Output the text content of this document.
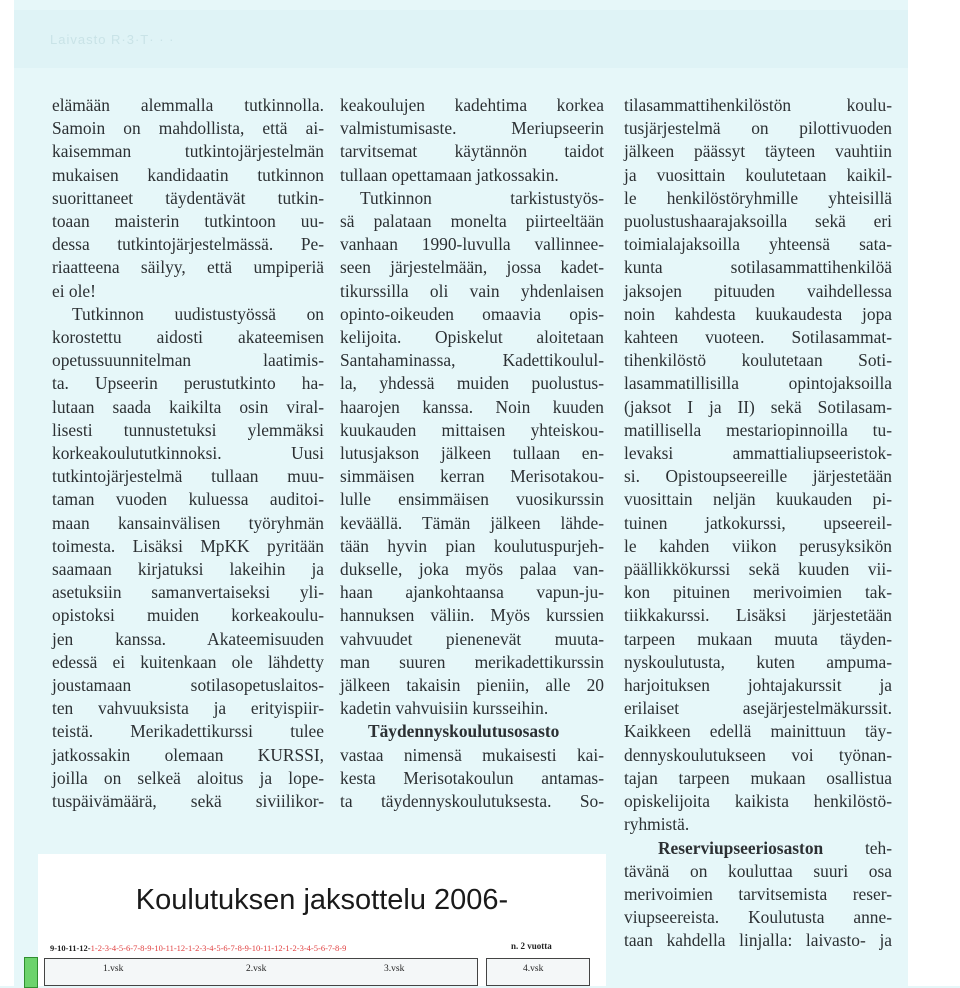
Laivasto R·3·T· · ·
elämään alemmalla tutkinnolla.
Samoin on mahdollista, että ai-
kaisemman tutkintojärjestelmän
mukaisen kandidaatin tutkinnon
suorittaneet täydentävät tutkin-
toaan maisterin tutkintoon uu-
dessa tutkintojärjestelmässä. Pe-
riaatteena säilyy, että umpiperiä
ei ole!
Tutkinnon uudistustyössä on
korostettu aidosti akateemisen
opetussuunnitelman laatimis-
ta. Upseerin perustutkinto ha-
lutaan saada kaikilta osin viral-
lisesti tunnustetuksi ylemmäksi
korkeakoulututkinnoksi. Uusi
tutkintojärjestelmä tullaan muu-
taman vuoden kuluessa auditoi-
maan kansainvälisen työryhmän
toimesta. Lisäksi MpKK pyritään
saamaan kirjatuksi lakeihin ja
asetuksiin samanvertaiseksi yli-
opistoksi muiden korkeakoulu-
jen kanssa. Akateemisuuden
edessä ei kuitenkaan ole lähdetty
joustamaan sotilasopetuslaitos-
ten vahvuuksista ja erityispiir-
teistä. Merikadettikurssi tulee
jatkossakin olemaan KURSSI,
joilla on selkeä aloitus ja lope-
tuspäivämäärä, sekä siviilikor-
keakoulujen kadehtima korkea
valmistumisaste. Meriupseerin
tarvitsemat käytännön taidot
tullaan opettamaan jatkossakin.
Tutkinnon tarkistustyös-
sä palataan monelta piirteeltään
vanhaan 1990-luvulla vallinnee-
seen järjestelmään, jossa kadet-
tikurssilla oli vain yhdenlaisen
opinto-oikeuden omaavia opis-
kelijoita. Opiskelut aloitetaan
Santahaminassa, Kadettikoulul-
la, yhdessä muiden puolustus-
haarojen kanssa. Noin kuuden
kuukauden mittaisen yhteiskou-
lutusjakson jälkeen tullaan en-
simmäisen kerran Merisotakou-
lulle ensimmäisen vuosikurssin
keväällä. Tämän jälkeen lähde-
tään hyvin pian koulutuspurjeh-
dukselle, joka myös palaa van-
haan ajankohtaansa vapun-ju-
hannuksen väliin. Myös kurssien
vahvuudet pienenevät muuta-
man suuren merikadettikurssin
jälkeen takaisin pieniin, alle 20
kadetin vahvuisiin kursseihin.
Täydennyskoulutusosasto
vastaa nimensä mukaisesti kai-
kesta Merisotakoulun antamas-
ta täydennyskoulutuksesta. So-
tilasammattihenkilöstön koulu-
tusjärjestelmä on pilottivuoden
jälkeen päässyt täyteen vauhtiin
ja vuosittain koulutetaan kaikil-
le henkilöstöryhmille yhteisillä
puolustushaarajaksoilla sekä eri
toimialajaksoilla yhteensä sata-
kunta sotilasammattihenkilöä
jaksojen pituuden vaihdellessa
noin kahdesta kuukaudesta jopa
kahteen vuoteen. Sotilasammat-
tihenkilöstö koulutetaan Soti-
lasammatillisilla opintojaksoilla
(jaksot I ja II) sekä Sotilasam-
matillisella mestariopinnoilla tu-
levaksi ammattialiupseeristok-
si. Opistoupseereille järjestetään
vuosittain neljän kuukauden pi-
tuinen jatkokurssi, upseereil-
le kahden viikon perusyksikön
päällikkökurssi sekä kuuden vii-
kon pituinen merivoimien tak-
tiikkakurssi. Lisäksi järjestetään
tarpeen mukaan muuta täyden-
nyskoulutusta, kuten ampuma-
harjoituksen johtajakurssit ja
erilaiset asejärjestelmäkurssit.
Kaikkeen edellä mainittuun täy-
dennyskoulutukseen voi työnan-
tajan tarpeen mukaan osallistua
opiskelijoita kaikista henkilöstö-
ryhmistä.
Reserviupseeriosaston teh-
tävänä on kouluttaa suuri osa
merivoimien tarvitsemista reser-
viupseereista. Koulutusta anne-
taan kahdella linjalla: laivasto- ja
Koulutuksen jaksottelu 2006-
9-10-11-12-1-2-3-4-5-6-7-8-9-10-11-12-1-2-3-4-5-6-7-8-9-10-11-12-1-2-3-4-5-6-7-8-9	n. 2 vuotta
1.vsk	2.vsk	3.vsk	4.vsk
